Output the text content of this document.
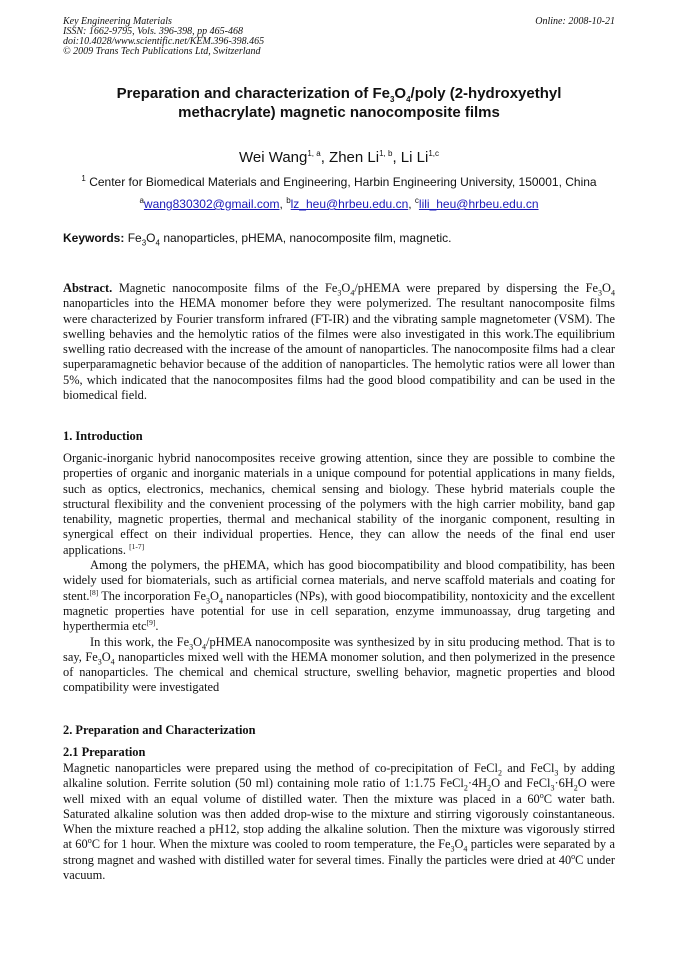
Key Engineering Materials	Online: 2008-10-21
ISSN: 1662-9795, Vols. 396-398, pp 465-468
doi:10.4028/www.scientific.net/KEM.396-398.465
© 2009 Trans Tech Publications Ltd, Switzerland
Preparation and characterization of $Fe_3O_4$/poly (2-hydroxyethyl
methacrylate) magnetic nanocomposite films
Wei Wang$^{1, a}$, Zhen Li$^{1, b}$, Li Li$^{1,c}$
$^1$ Center for Biomedical Materials and Engineering, Harbin Engineering University, 150001, China
$^a$wang830302@gmail.com, $^b$lz_heu@hrbeu.edu.cn, $^c$lili_heu@hrbeu.edu.cn
Keywords: $Fe_3O_4$ nanoparticles, pHEMA, nanocomposite film, magnetic.
Abstract. Magnetic nanocomposite films of the $Fe_3O_4$/pHEMA were prepared by dispersing the $Fe_3O_4$ nanoparticles into the HEMA monomer before they were polymerized. The resultant nanocomposite films were characterized by Fourier transform infrared (FT-IR) and the vibrating sample magnetometer (VSM). The swelling behavies and the hemolytic ratios of the filmes were also investigated in this work.The equilibrium swelling ratio decreased with the increase of the amount of nanoparticles. The nanocomposite films had a clear superparamagnetic behavior because of the addition of nanoparticles. The hemolytic ratios were all lower than 5%, which indicated that the nanocomposites films had the good blood compatibility and can be used in the biomedical field.
1. Introduction

Organic-inorganic hybrid nanocomposites receive growing attention, since they are possible to combine the properties of organic and inorganic materials in a unique compound for potential applications in many fields, such as optics, electronics, mechanics, chemical sensing and biology. These hybrid materials couple the structural flexibility and the convenient processing of the polymers with the high carrier mobility, band gap tenability, magnetic properties, thermal and mechanical stability of the inorganic component, resulting in synergical effect on their individual properties. Hence, they can allow the needs of the final end user applications. [1-7]

Among the polymers, the pHEMA, which has good biocompatibility and blood compatibility, has been widely used for biomaterials, such as artificial cornea materials, and nerve scaffold materials and coating for stent.[8] The incorporation $Fe_3O_4$ nanoparticles (NPs), with good biocompatibility, nontoxicity and the excellent magnetic properties have potential for use in cell separation, enzyme immunoassay, drug targeting and hyperthermia etc[9].

In this work, the $Fe_3O_4$/pHMEA nanocomposite was synthesized by in situ producing method. That is to say, $Fe_3O_4$ nanoparticles mixed well with the HEMA monomer solution, and then polymerized in the presence of nanoparticles. The chemical and chemical structure, swelling behavior, magnetic properties and blood compatibility were investigated

2. Preparation and Characterization
2.1 Preparation

Magnetic nanoparticles were prepared using the method of co-precipitation of FeCl$_2$ and FeCl$_3$ by adding alkaline solution. Ferrite solution (50 ml) containing mole ratio of 1:1.75 $FeCl_2\cdot 4H_2O$ and $FeCl_3\cdot 6H_2O$ were well mixed with an equal volume of distilled water. Then the mixture was placed in a 60$^o$C water bath. Saturated alkaline solution was then added drop-wise to the mixture and stirring vigorously coinstantaneous. When the mixture reached a pH12, stop adding the alkaline solution. Then the mixture was vigorously stirred at 60$^o$C for 1 hour. When the mixture was cooled to room temperature, the $Fe_3O_4$ particles were separated by a strong magnet and washed with distilled water for several times. Finally the particles were dried at 40$^o$C under vacuum.
